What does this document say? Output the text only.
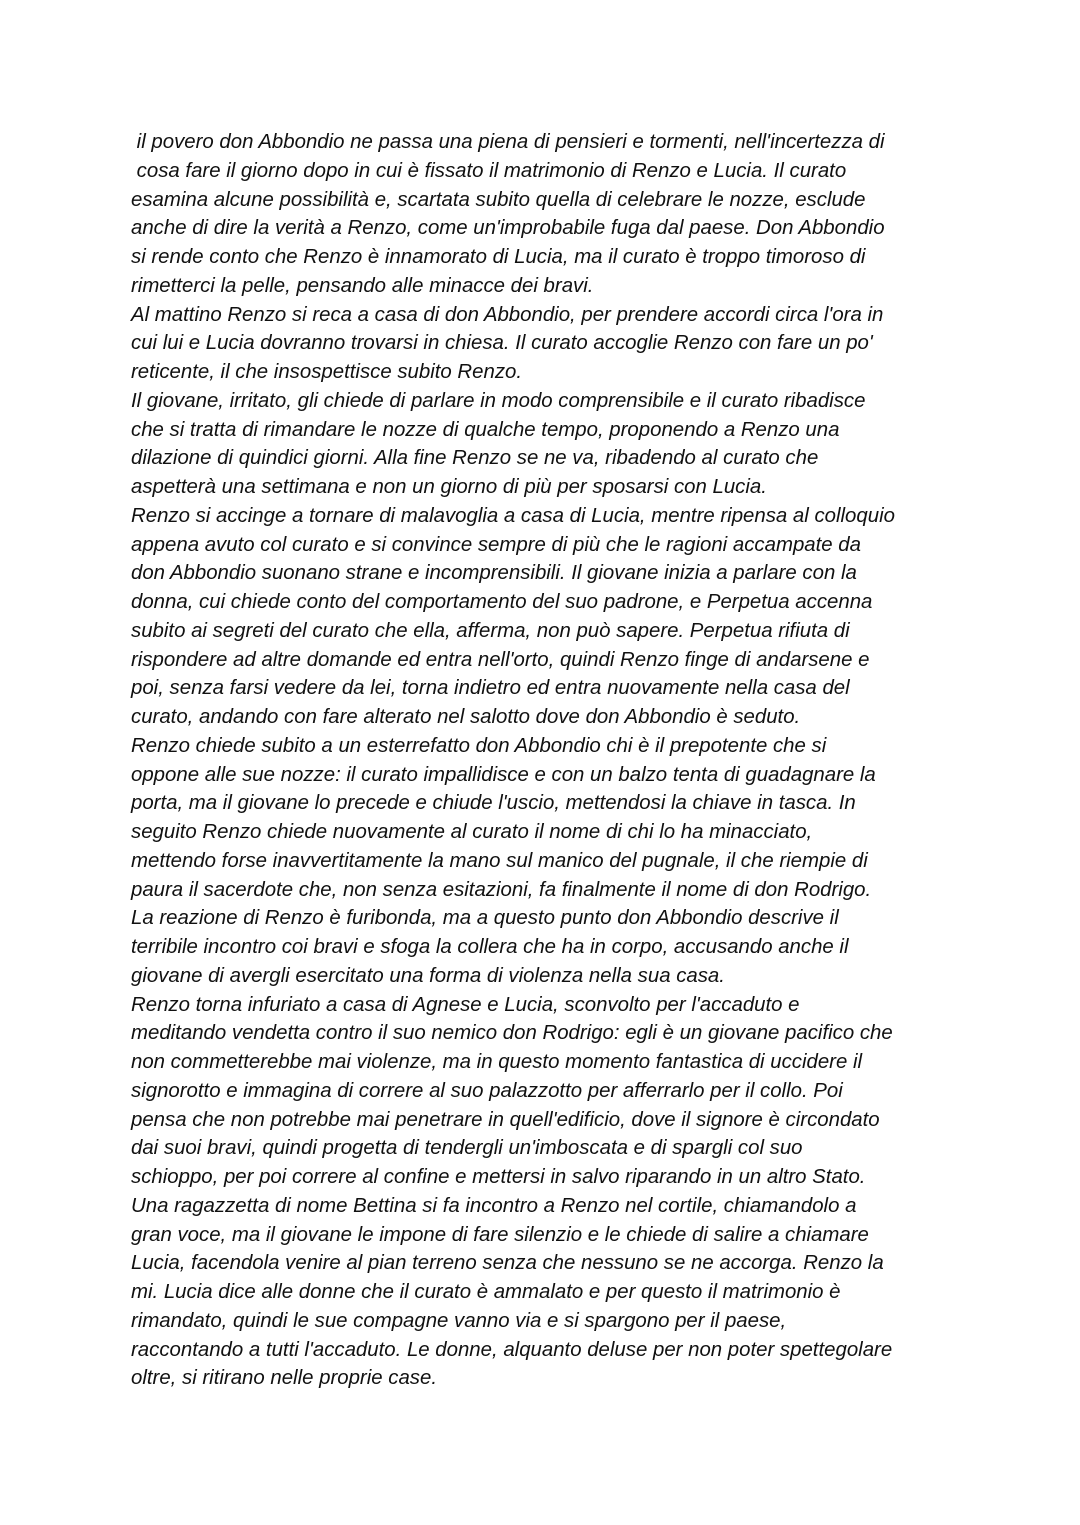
il povero don Abbondio ne passa una piena di pensieri e tormenti, nell'incertezza di
cosa fare il giorno dopo in cui è fissato il matrimonio di Renzo e Lucia. Il curato
esamina alcune possibilità e, scartata subito quella di celebrare le nozze, esclude
anche di dire la verità a Renzo, come un'improbabile fuga dal paese. Don Abbondio
si rende conto che Renzo è innamorato di Lucia, ma il curato è troppo timoroso di
rimetterci la pelle, pensando alle minacce dei bravi.
Al mattino Renzo si reca a casa di don Abbondio, per prendere accordi circa l'ora in
cui lui e Lucia dovranno trovarsi in chiesa. Il curato accoglie Renzo con fare un po'
reticente, il che insospettisce subito Renzo.
Il giovane, irritato, gli chiede di parlare in modo comprensibile e il curato ribadisce
che si tratta di rimandare le nozze di qualche tempo, proponendo a Renzo una
dilazione di quindici giorni. Alla fine Renzo se ne va, ribadendo al curato che
aspetterà una settimana e non un giorno di più per sposarsi con Lucia.
Renzo si accinge a tornare di malavoglia a casa di Lucia, mentre ripensa al colloquio
appena avuto col curato e si convince sempre di più che le ragioni accampate da
don Abbondio suonano strane e incomprensibili. Il giovane inizia a parlare con la
donna, cui chiede conto del comportamento del suo padrone, e Perpetua accenna
subito ai segreti del curato che ella, afferma, non può sapere. Perpetua rifiuta di
rispondere ad altre domande ed entra nell'orto, quindi Renzo finge di andarsene e
poi, senza farsi vedere da lei, torna indietro ed entra nuovamente nella casa del
curato, andando con fare alterato nel salotto dove don Abbondio è seduto.
Renzo chiede subito a un esterrefatto don Abbondio chi è il prepotente che si
oppone alle sue nozze: il curato impallidisce e con un balzo tenta di guadagnare la
porta, ma il giovane lo precede e chiude l'uscio, mettendosi la chiave in tasca. In
seguito Renzo chiede nuovamente al curato il nome di chi lo ha minacciato,
mettendo forse inavvertitamente la mano sul manico del pugnale, il che riempie di
paura il sacerdote che, non senza esitazioni, fa finalmente il nome di don Rodrigo.
La reazione di Renzo è furibonda, ma a questo punto don Abbondio descrive il
terribile incontro coi bravi e sfoga la collera che ha in corpo, accusando anche il
giovane di avergli esercitato una forma di violenza nella sua casa.
Renzo torna infuriato a casa di Agnese e Lucia, sconvolto per l'accaduto e
meditando vendetta contro il suo nemico don Rodrigo: egli è un giovane pacifico che
non commetterebbe mai violenze, ma in questo momento fantastica di uccidere il
signorotto e immagina di correre al suo palazzotto per afferrarlo per il collo. Poi
pensa che non potrebbe mai penetrare in quell'edificio, dove il signore è circondato
dai suoi bravi, quindi progetta di tendergli un'imboscata e di spargli col suo
schioppo, per poi correre al confine e mettersi in salvo riparando in un altro Stato.
Una ragazzetta di nome Bettina si fa incontro a Renzo nel cortile, chiamandolo a
gran voce, ma il giovane le impone di fare silenzio e le chiede di salire a chiamare
Lucia, facendola venire al pian terreno senza che nessuno se ne accorga. Renzo la
mi. Lucia dice alle donne che il curato è ammalato e per questo il matrimonio è
rimandato, quindi le sue compagne vanno via e si spargono per il paese,
raccontando a tutti l'accaduto. Le donne, alquanto deluse per non poter spettegolare
oltre, si ritirano nelle proprie case.
